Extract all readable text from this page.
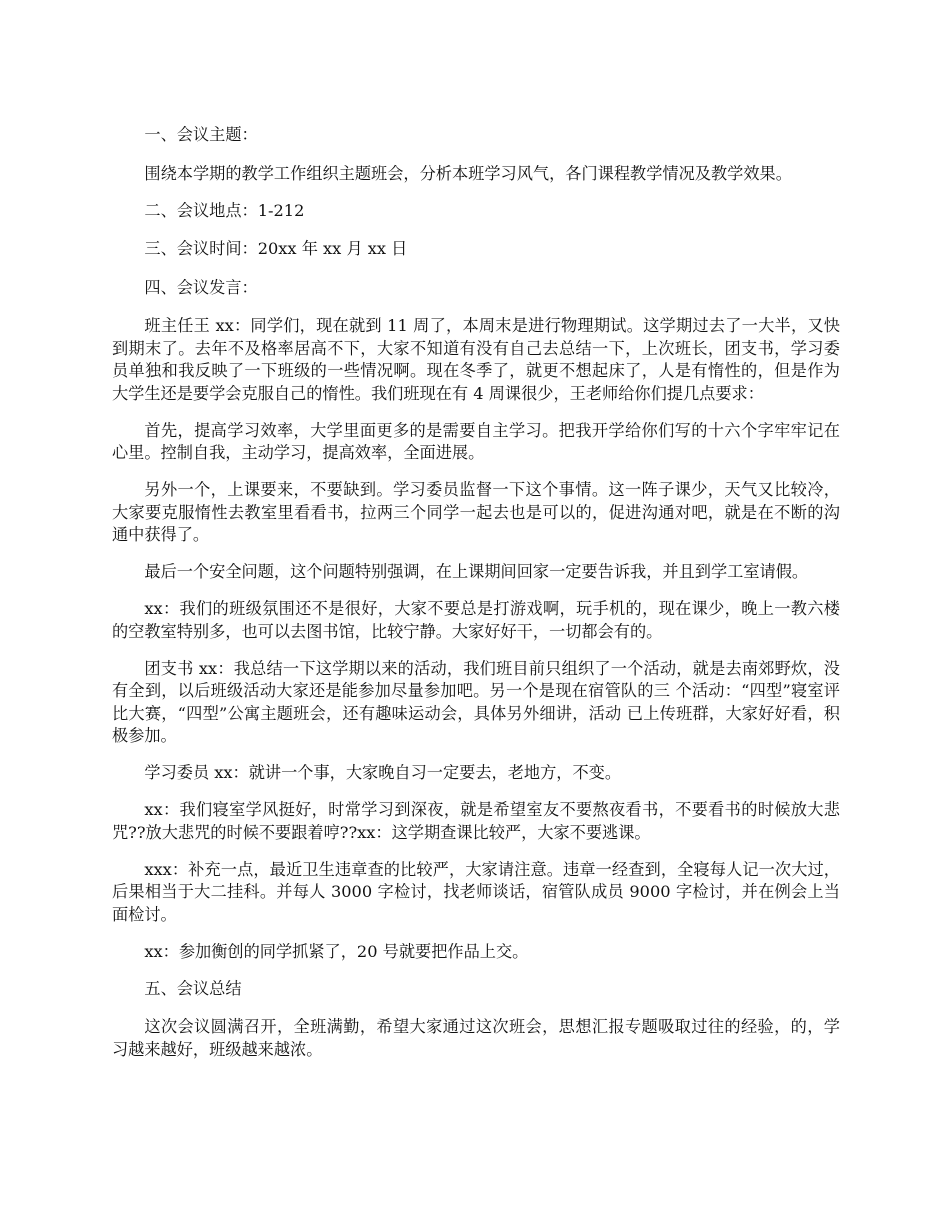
一、会议主题：

围绕本学期的教学工作组织主题班会，分析本班学习风气，各门课程教学情况及教学效果。

二、会议地点：1-212

三、会议时间：20xx 年 xx 月 xx 日

四、会议发言：

班主任王 xx：同学们，现在就到 11 周了，本周末是进行物理期试。这学期过去了一大半，又快到期末了。去年不及格率居高不下，大家不知道有没有自己去总结一下，上次班长，团支书，学习委员单独和我反映了一下班级的一些情况啊。现在冬季了，就更不想起床了，人是有惰性的，但是作为大学生还是要学会克服自己的惰性。我们班现在有 4 周课很少，王老师给你们提几点要求：

首先，提高学习效率，大学里面更多的是需要自主学习。把我开学给你们写的十六个字牢牢记在心里。控制自我，主动学习，提高效率，全面进展。

另外一个，上课要来，不要缺到。学习委员监督一下这个事情。这一阵子课少，天气又比较冷，大家要克服惰性去教室里看看书，拉两三个同学一起去也是可以的，促进沟通对吧，就是在不断的沟通中获得了。

最后一个安全问题，这个问题特别强调，在上课期间回家一定要告诉我，并且到学工室请假。

xx：我们的班级氛围还不是很好，大家不要总是打游戏啊，玩手机的，现在课少，晚上一教六楼的空教室特别多，也可以去图书馆，比较宁静。大家好好干，一切都会有的。

团支书 xx：我总结一下这学期以来的活动，我们班目前只组织了一个活动，就是去南郊野炊，没有全到，以后班级活动大家还是能参加尽量参加吧。另一个是现在宿管队的三 个活动：“四型”寝室评比大赛，“四型”公寓主题班会，还有趣味运动会，具体另外细讲，活动 已上传班群，大家好好看，积极参加。

学习委员 xx：就讲一个事，大家晚自习一定要去，老地方，不变。

xx：我们寝室学风挺好，时常学习到深夜，就是希望室友不要熬夜看书，不要看书的时候放大悲咒??放大悲咒的时候不要跟着哼??xx：这学期查课比较严，大家不要逃课。

xxx：补充一点，最近卫生违章查的比较严，大家请注意。违章一经查到，全寝每人记一次大过，后果相当于大二挂科。并每人 3000 字检讨，找老师谈话，宿管队成员 9000 字检讨，并在例会上当面检讨。

xx：参加衡创的同学抓紧了，20 号就要把作品上交。

五、会议总结

这次会议圆满召开，全班满勤，希望大家通过这次班会，思想汇报专题吸取过往的经验，的，学习越来越好，班级越来越浓。
